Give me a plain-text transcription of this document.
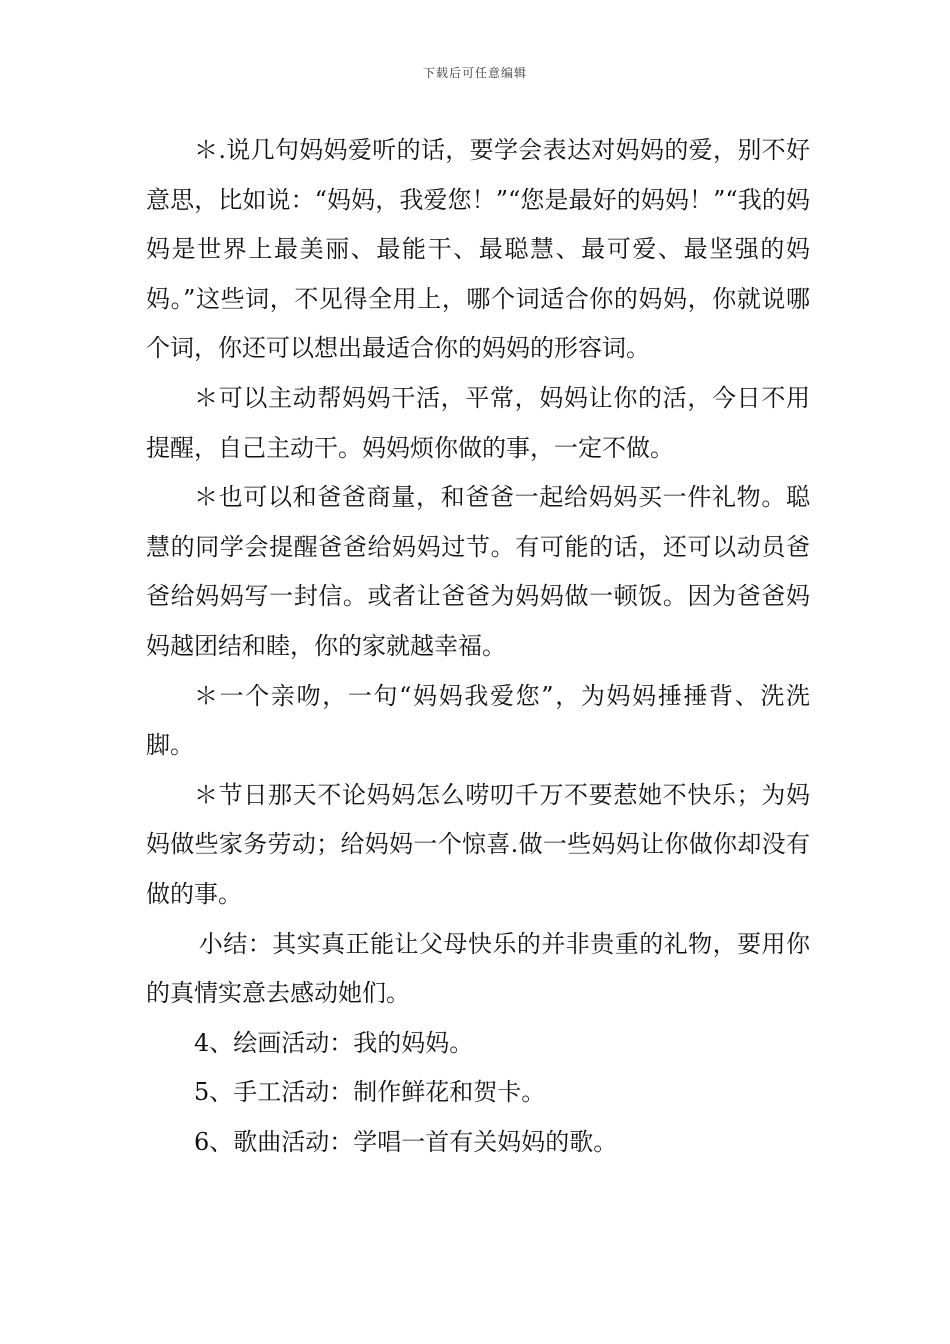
下载后可任意编辑

＊.说几句妈妈爱听的话，要学会表达对妈妈的爱，别不好意思，比如说：“妈妈，我爱您！”“您是最好的妈妈！”“我的妈妈是世界上最美丽、最能干、最聪慧、最可爱、最坚强的妈妈。”这些词，不见得全用上，哪个词适合你的妈妈，你就说哪个词，你还可以想出最适合你的妈妈的形容词。

＊可以主动帮妈妈干活，平常，妈妈让你的活，今日不用提醒，自己主动干。妈妈烦你做的事，一定不做。

＊也可以和爸爸商量，和爸爸一起给妈妈买一件礼物。聪慧的同学会提醒爸爸给妈妈过节。有可能的话，还可以动员爸爸给妈妈写一封信。或者让爸爸为妈妈做一顿饭。因为爸爸妈妈越团结和睦，你的家就越幸福。

＊一个亲吻，一句“妈妈我爱您”，为妈妈捶捶背、洗洗脚。

＊节日那天不论妈妈怎么唠叨千万不要惹她不快乐；为妈妈做些家务劳动；给妈妈一个惊喜.做一些妈妈让你做你却没有做的事。

小结：其实真正能让父母快乐的并非贵重的礼物，要用你的真情实意去感动她们。

4、绘画活动：我的妈妈。

5、手工活动：制作鲜花和贺卡。

6、歌曲活动：学唱一首有关妈妈的歌。
